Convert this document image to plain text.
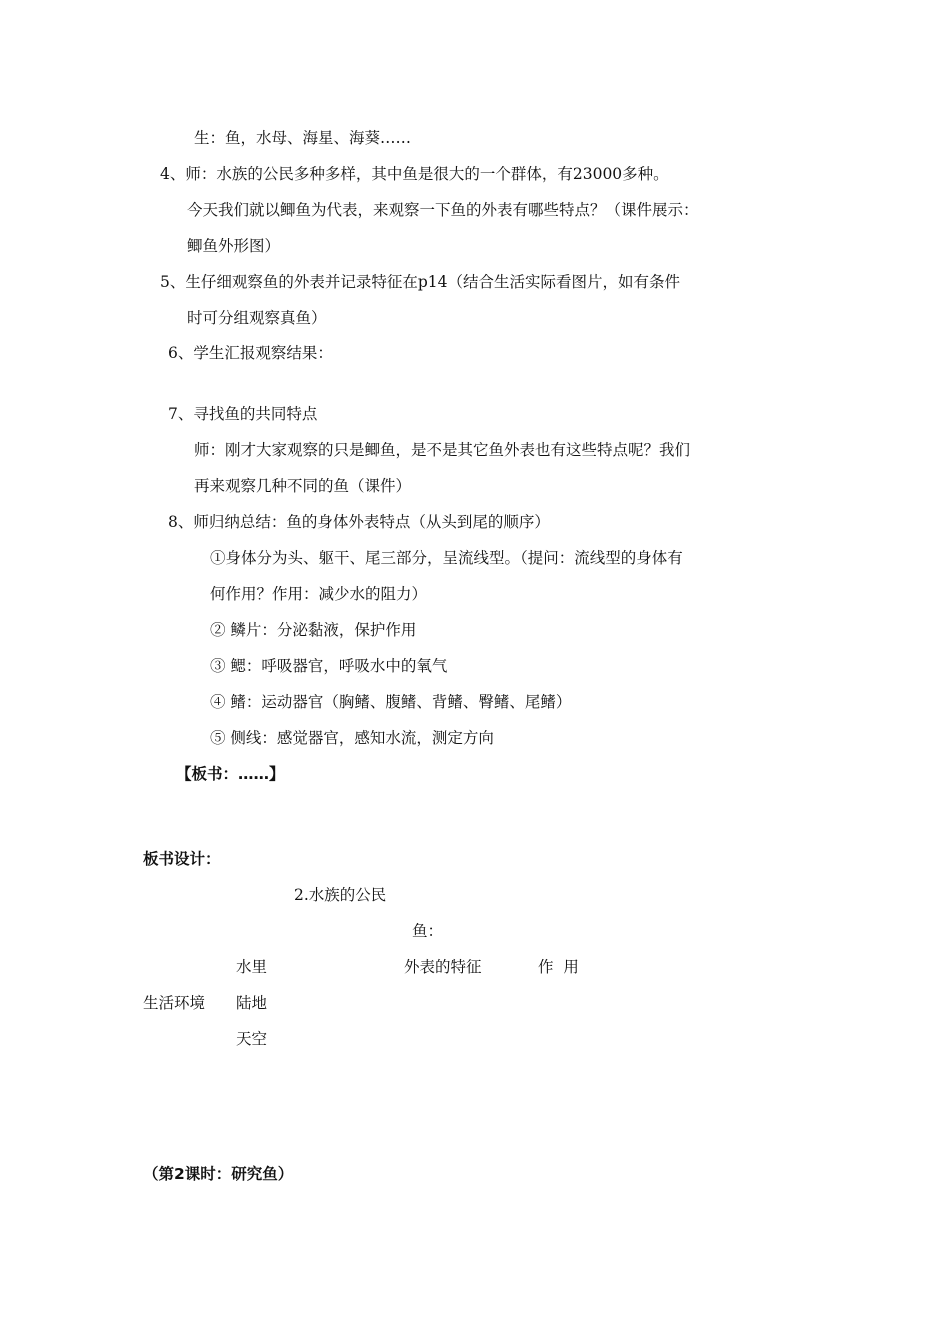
生：鱼，水母、海星、海葵……
4、师：水族的公民多种多样，其中鱼是很大的一个群体，有23000多种。
今天我们就以鲫鱼为代表，来观察一下鱼的外表有哪些特点？（课件展示：
鲫鱼外形图）
5、生仔细观察鱼的外表并记录特征在p14（结合生活实际看图片，如有条件
时可分组观察真鱼）
6、学生汇报观察结果：
7、寻找鱼的共同特点
师：刚才大家观察的只是鲫鱼，是不是其它鱼外表也有这些特点呢？我们
再来观察几种不同的鱼（课件）
8、师归纳总结：鱼的身体外表特点（从头到尾的顺序）
①身体分为头、躯干、尾三部分，呈流线型。（提问：流线型的身体有
何作用？作用：减少水的阻力）
② 鳞片：分泌黏液，保护作用
③ 鳃：呼吸器官，呼吸水中的氧气
④ 鳍：运动器官（胸鳍、腹鳍、背鳍、臀鳍、尾鳍）
⑤ 侧线：感觉器官，感知水流，测定方向
【板书：……】
板书设计：
2.水族的公民
鱼：
水里	外表的特征	作  用
生活环境 陆地
天空
（第2课时：研究鱼）
